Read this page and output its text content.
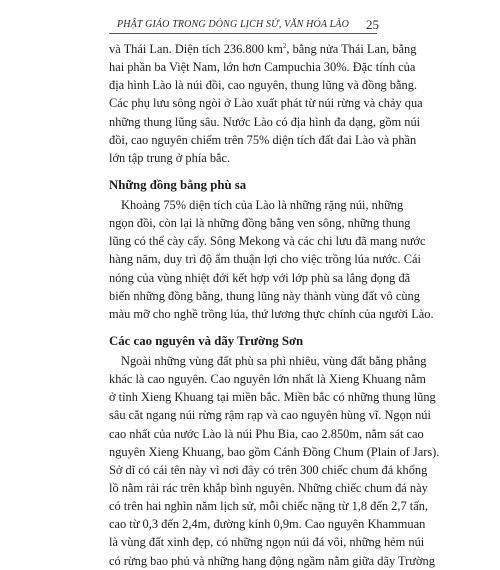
PHẬT GIÁO TRONG DÒNG LỊCH SỬ, VĂN HÓA LÀO	25
và Thái Lan. Diện tích 236.800 $km^2$, bằng nửa Thái Lan, bằng
hai phần ba Việt Nam, lớn hơn Campuchia 30%. Đặc tính của
địa hình Lào là núi đồi, cao nguyên, thung lũng và đồng bằng.
Các phụ lưu sông ngòi ở Lào xuất phát từ núi rừng và chảy qua
những thung lũng sâu. Nước Lào có địa hình đa dạng, gồm núi
đồi, cao nguyên chiếm trên 75% diện tích đất đai Lào và phần
lớn tập trung ở phía bắc.
Những đồng bằng phù sa
Khoảng 75% diện tích của Lào là những rặng núi, những
ngọn đồi, còn lại là những đồng bằng ven sông, những thung
lũng có thể cày cấy. Sông Mekong và các chi lưu đã mang nước
hàng năm, duy trì độ ẩm thuận lợi cho việc trồng lúa nước. Cái
nóng của vùng nhiệt đới kết hợp với lớp phù sa lắng đọng đã
biến những đồng bằng, thung lũng này thành vùng đất vô cùng
màu mỡ cho nghề trồng lúa, thứ lương thực chính của người Lào.
Các cao nguyên và dãy Trường Sơn
Ngoài những vùng đất phù sa phì nhiêu, vùng đất bằng phẳng
khác là cao nguyên. Cao nguyên lớn nhất là Xieng Khuang nằm
ở tỉnh Xieng Khuang tại miền bắc. Miền bắc có những thung lũng
sâu cắt ngang núi rừng rậm rạp và cao nguyên hùng vĩ. Ngọn núi
cao nhất của nước Lào là núi Phu Bia, cao 2.850m, nằm sát cao
nguyên Xieng Khuang, bao gồm Cánh Đồng Chum (Plain of Jars).
Sở dĩ có cái tên này vì nơi đây có trên 300 chiếc chum đá khổng
lồ nằm rải rác trên khắp bình nguyên. Những chiếc chum đá này
có trên hai nghìn năm lịch sử, mỗi chiếc nặng từ 1,8 đến 2,7 tấn,
cao từ 0,3 đến 2,4m, đường kính 0,9m. Cao nguyên Khammuan
là vùng đất xinh đẹp, có những ngọn núi đá vôi, những hẻm núi
có rừng bao phủ và những hang động ngầm nằm giữa dãy Trường
